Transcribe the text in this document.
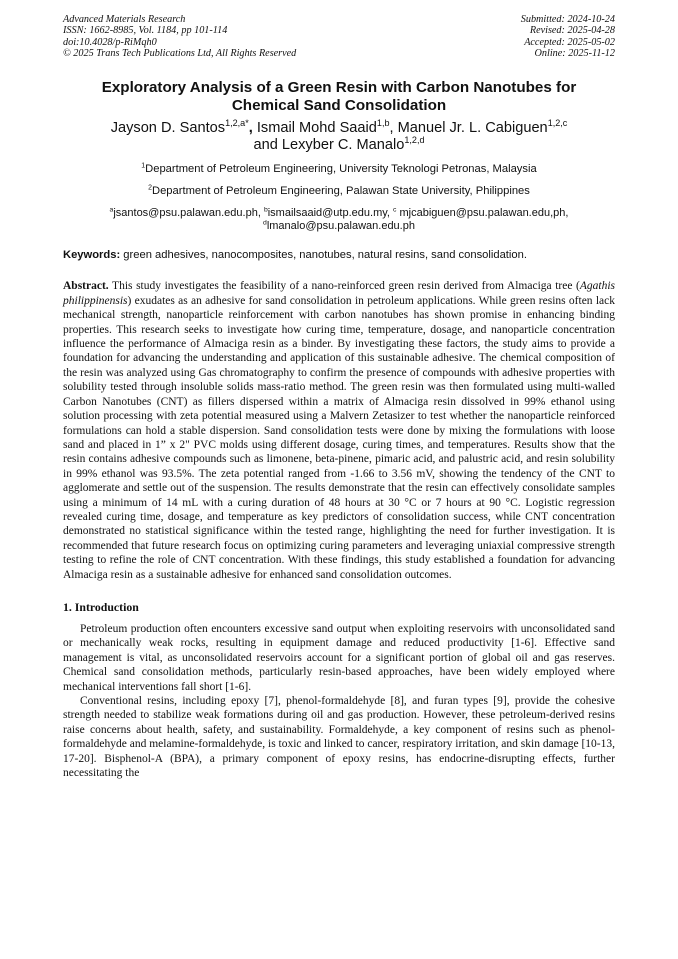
Advanced Materials Research
ISSN: 1662-8985, Vol. 1184, pp 101-114
doi:10.4028/p-RiMqh0
© 2025 Trans Tech Publications Ltd, All Rights Reserved
Submitted: 2024-10-24
Revised: 2025-04-28
Accepted: 2025-05-02
Online: 2025-11-12
Exploratory Analysis of a Green Resin with Carbon Nanotubes for
Chemical Sand Consolidation
Jayson D. Santos$^{1,2,a*}$, Ismail Mohd Saaid$^{1,b}$, Manuel Jr. L. Cabiguen$^{1,2,c}$
and Lexyber C. Manalo$^{1,2,d}$
$^1$Department of Petroleum Engineering, University Teknologi Petronas, Malaysia
$^2$Department of Petroleum Engineering, Palawan State University, Philippines
$^a$jsantos@psu.palawan.edu.ph, $^b$ismailsaaid@utp.edu.my, $^c$ mjcabiguen@psu.palawan.edu,ph,
$^d$lmanalo@psu.palawan.edu.ph
Keywords: green adhesives, nanocomposites, nanotubes, natural resins, sand consolidation.
Abstract. This study investigates the feasibility of a nano-reinforced green resin derived from Almaciga tree (Agathis philippinensis) exudates as an adhesive for sand consolidation in petroleum applications. While green resins often lack mechanical strength, nanoparticle reinforcement with carbon nanotubes has shown promise in enhancing binding properties. This research seeks to investigate how curing time, temperature, dosage, and nanoparticle concentration influence the performance of Almaciga resin as a binder. By investigating these factors, the study aims to provide a foundation for advancing the understanding and application of this sustainable adhesive. The chemical composition of the resin was analyzed using Gas chromatography to confirm the presence of compounds with adhesive properties with solubility tested through insoluble solids mass-ratio method. The green resin was then formulated using multi-walled Carbon Nanotubes (CNT) as fillers dispersed within a matrix of Almaciga resin dissolved in 99% ethanol using solution processing with zeta potential measured using a Malvern Zetasizer to test whether the nanoparticle reinforced formulations can hold a stable dispersion. Sand consolidation tests were done by mixing the formulations with loose sand and placed in 1” x 2" PVC molds using different dosage, curing times, and temperatures. Results show that the resin contains adhesive compounds such as limonene, beta-pinene, pimaric acid, and palustric acid, and resin solubility in 99% ethanol was 93.5%. The zeta potential ranged from -1.66 to 3.56 mV, showing the tendency of the CNT to agglomerate and settle out of the suspension. The results demonstrate that the resin can effectively consolidate samples using a minimum of 14 mL with a curing duration of 48 hours at 30 °C or 7 hours at 90 °C. Logistic regression revealed curing time, dosage, and temperature as key predictors of consolidation success, while CNT concentration demonstrated no statistical significance within the tested range, highlighting the need for further investigation. It is recommended that future research focus on optimizing curing parameters and leveraging uniaxial compressive strength testing to refine the role of CNT concentration. With these findings, this study established a foundation for advancing Almaciga resin as a sustainable adhesive for enhanced sand consolidation outcomes.
1. Introduction
Petroleum production often encounters excessive sand output when exploiting reservoirs with unconsolidated sand or mechanically weak rocks, resulting in equipment damage and reduced productivity [1-6]. Effective sand management is vital, as unconsolidated reservoirs account for a significant portion of global oil and gas reserves. Chemical sand consolidation methods, particularly resin-based approaches, have been widely employed where mechanical interventions fall short [1-6].
Conventional resins, including epoxy [7], phenol-formaldehyde [8], and furan types [9], provide the cohesive strength needed to stabilize weak formations during oil and gas production. However, these petroleum-derived resins raise concerns about health, safety, and sustainability. Formaldehyde, a key component of resins such as phenol-formaldehyde and melamine-formaldehyde, is toxic and linked to cancer, respiratory irritation, and skin damage [10-13, 17-20]. Bisphenol-A (BPA), a primary component of epoxy resins, has endocrine-disrupting effects, further necessitating the
